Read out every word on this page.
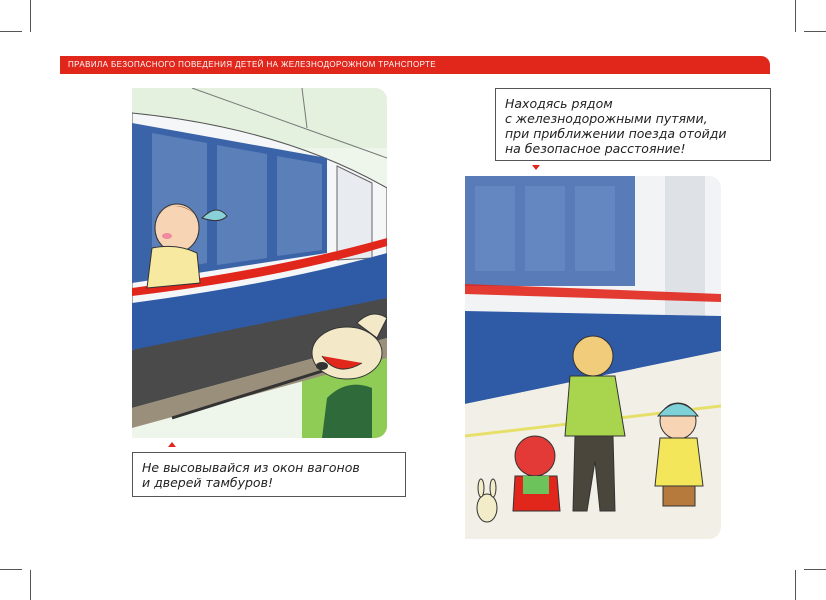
ПРАВИЛА БЕЗОПАСНОГО ПОВЕДЕНИЯ ДЕТЕЙ НА ЖЕЛЕЗНОДОРОЖНОМ ТРАНСПОРТЕ
Не высовывайся из окон вагонов
и дверей тамбуров!
Находясь рядом
с железнодорожными путями,
при приближении поезда отойди
на безопасное расстояние!
